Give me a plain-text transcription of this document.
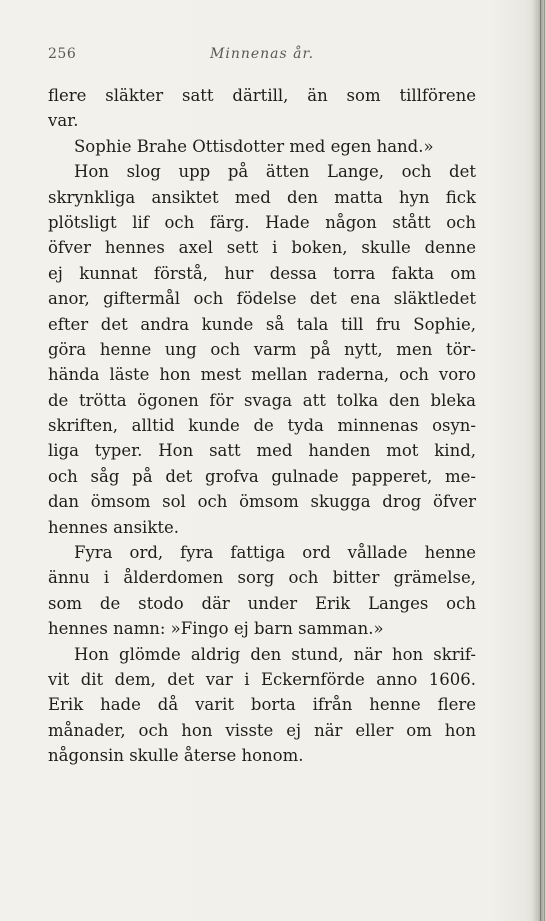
256	Minnenas år.
flere släkter satt därtill, än som tillförene
var.
Sophie Brahe Ottisdotter med egen hand.»
Hon slog upp på ätten Lange, och det
skrynkliga ansiktet med den matta hyn fick
plötsligt lif och färg. Hade någon stått och
öfver hennes axel sett i boken, skulle denne
ej kunnat förstå, hur dessa torra fakta om
anor, giftermål och födelse det ena släktledet
efter det andra kunde så tala till fru Sophie,
göra henne ung och varm på nytt, men tör-
hända läste hon mest mellan raderna, och voro
de trötta ögonen för svaga att tolka den bleka
skriften, alltid kunde de tyda minnenas osyn-
liga typer. Hon satt med handen mot kind,
och såg på det grofva gulnade papperet, me-
dan ömsom sol och ömsom skugga drog öfver
hennes ansikte.
Fyra ord, fyra fattiga ord vållade henne
ännu i ålderdomen sorg och bitter grämelse,
som de stodo där under Erik Langes och
hennes namn: »Fingo ej barn samman.»
Hon glömde aldrig den stund, när hon skrif-
vit dit dem, det var i Eckernförde anno 1606.
Erik hade då varit borta ifrån henne flere
månader, och hon visste ej när eller om hon
någonsin skulle återse honom.
